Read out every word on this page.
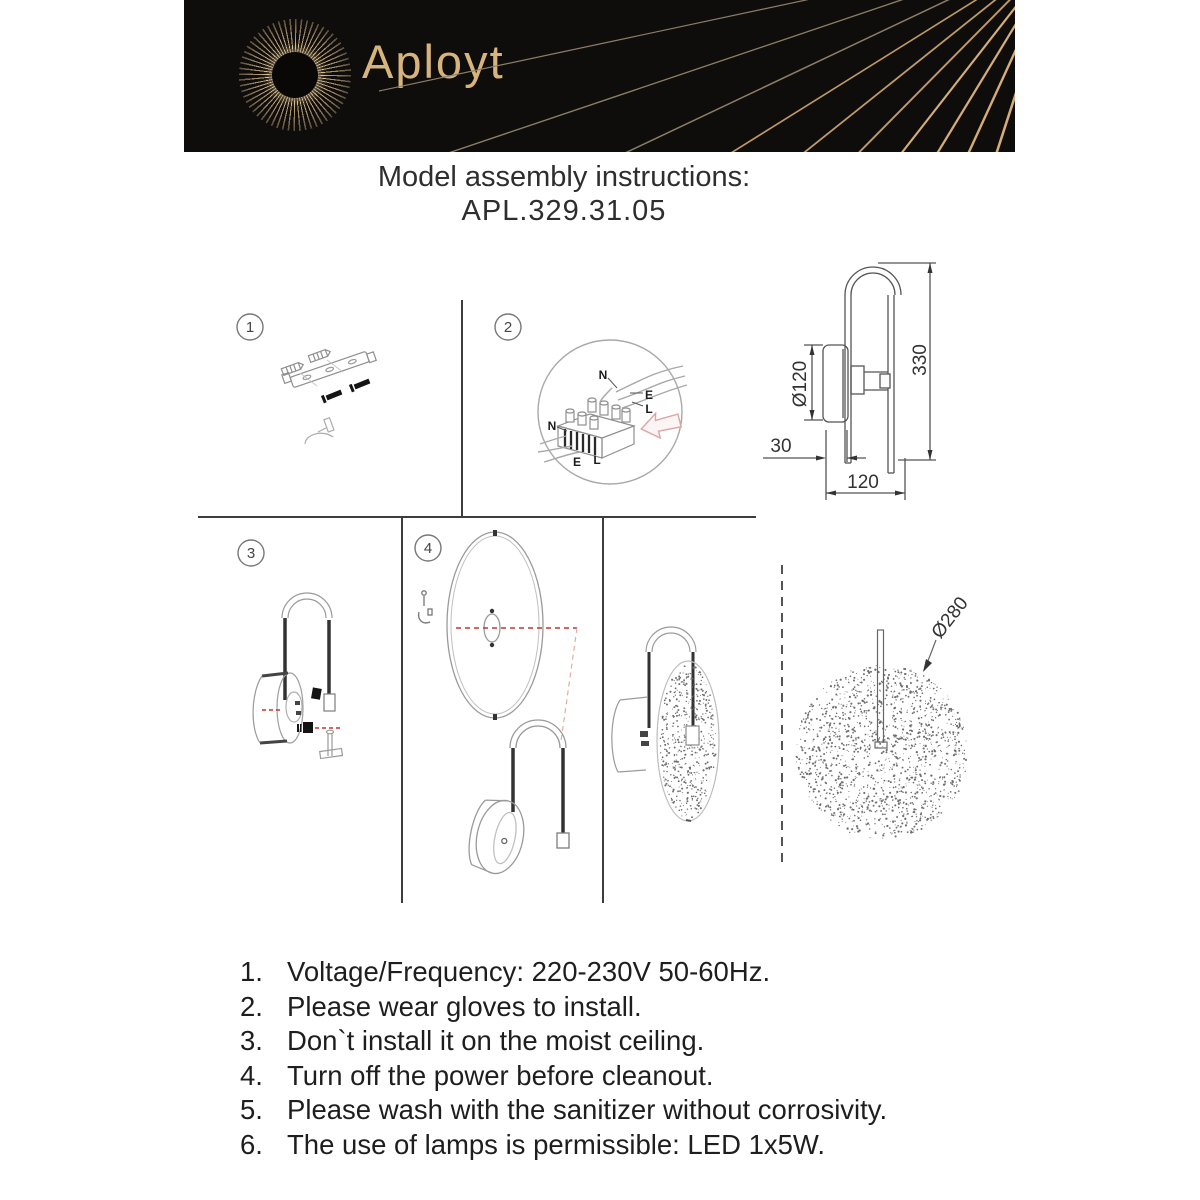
Aployt
Model assembly instructions:
APL.329.31.05
1	2
3	4
N
E
L
N
E L
Ø120
330
30
120
Ø280
1. Voltage/Frequency: 220-230V 50-60Hz.
2. Please wear gloves to install.
3. Don`t install it on the moist ceiling.
4. Turn off the power before cleanout.
5. Please wash with the sanitizer without corrosivity.
6. The use of lamps is permissible: LED 1x5W.
